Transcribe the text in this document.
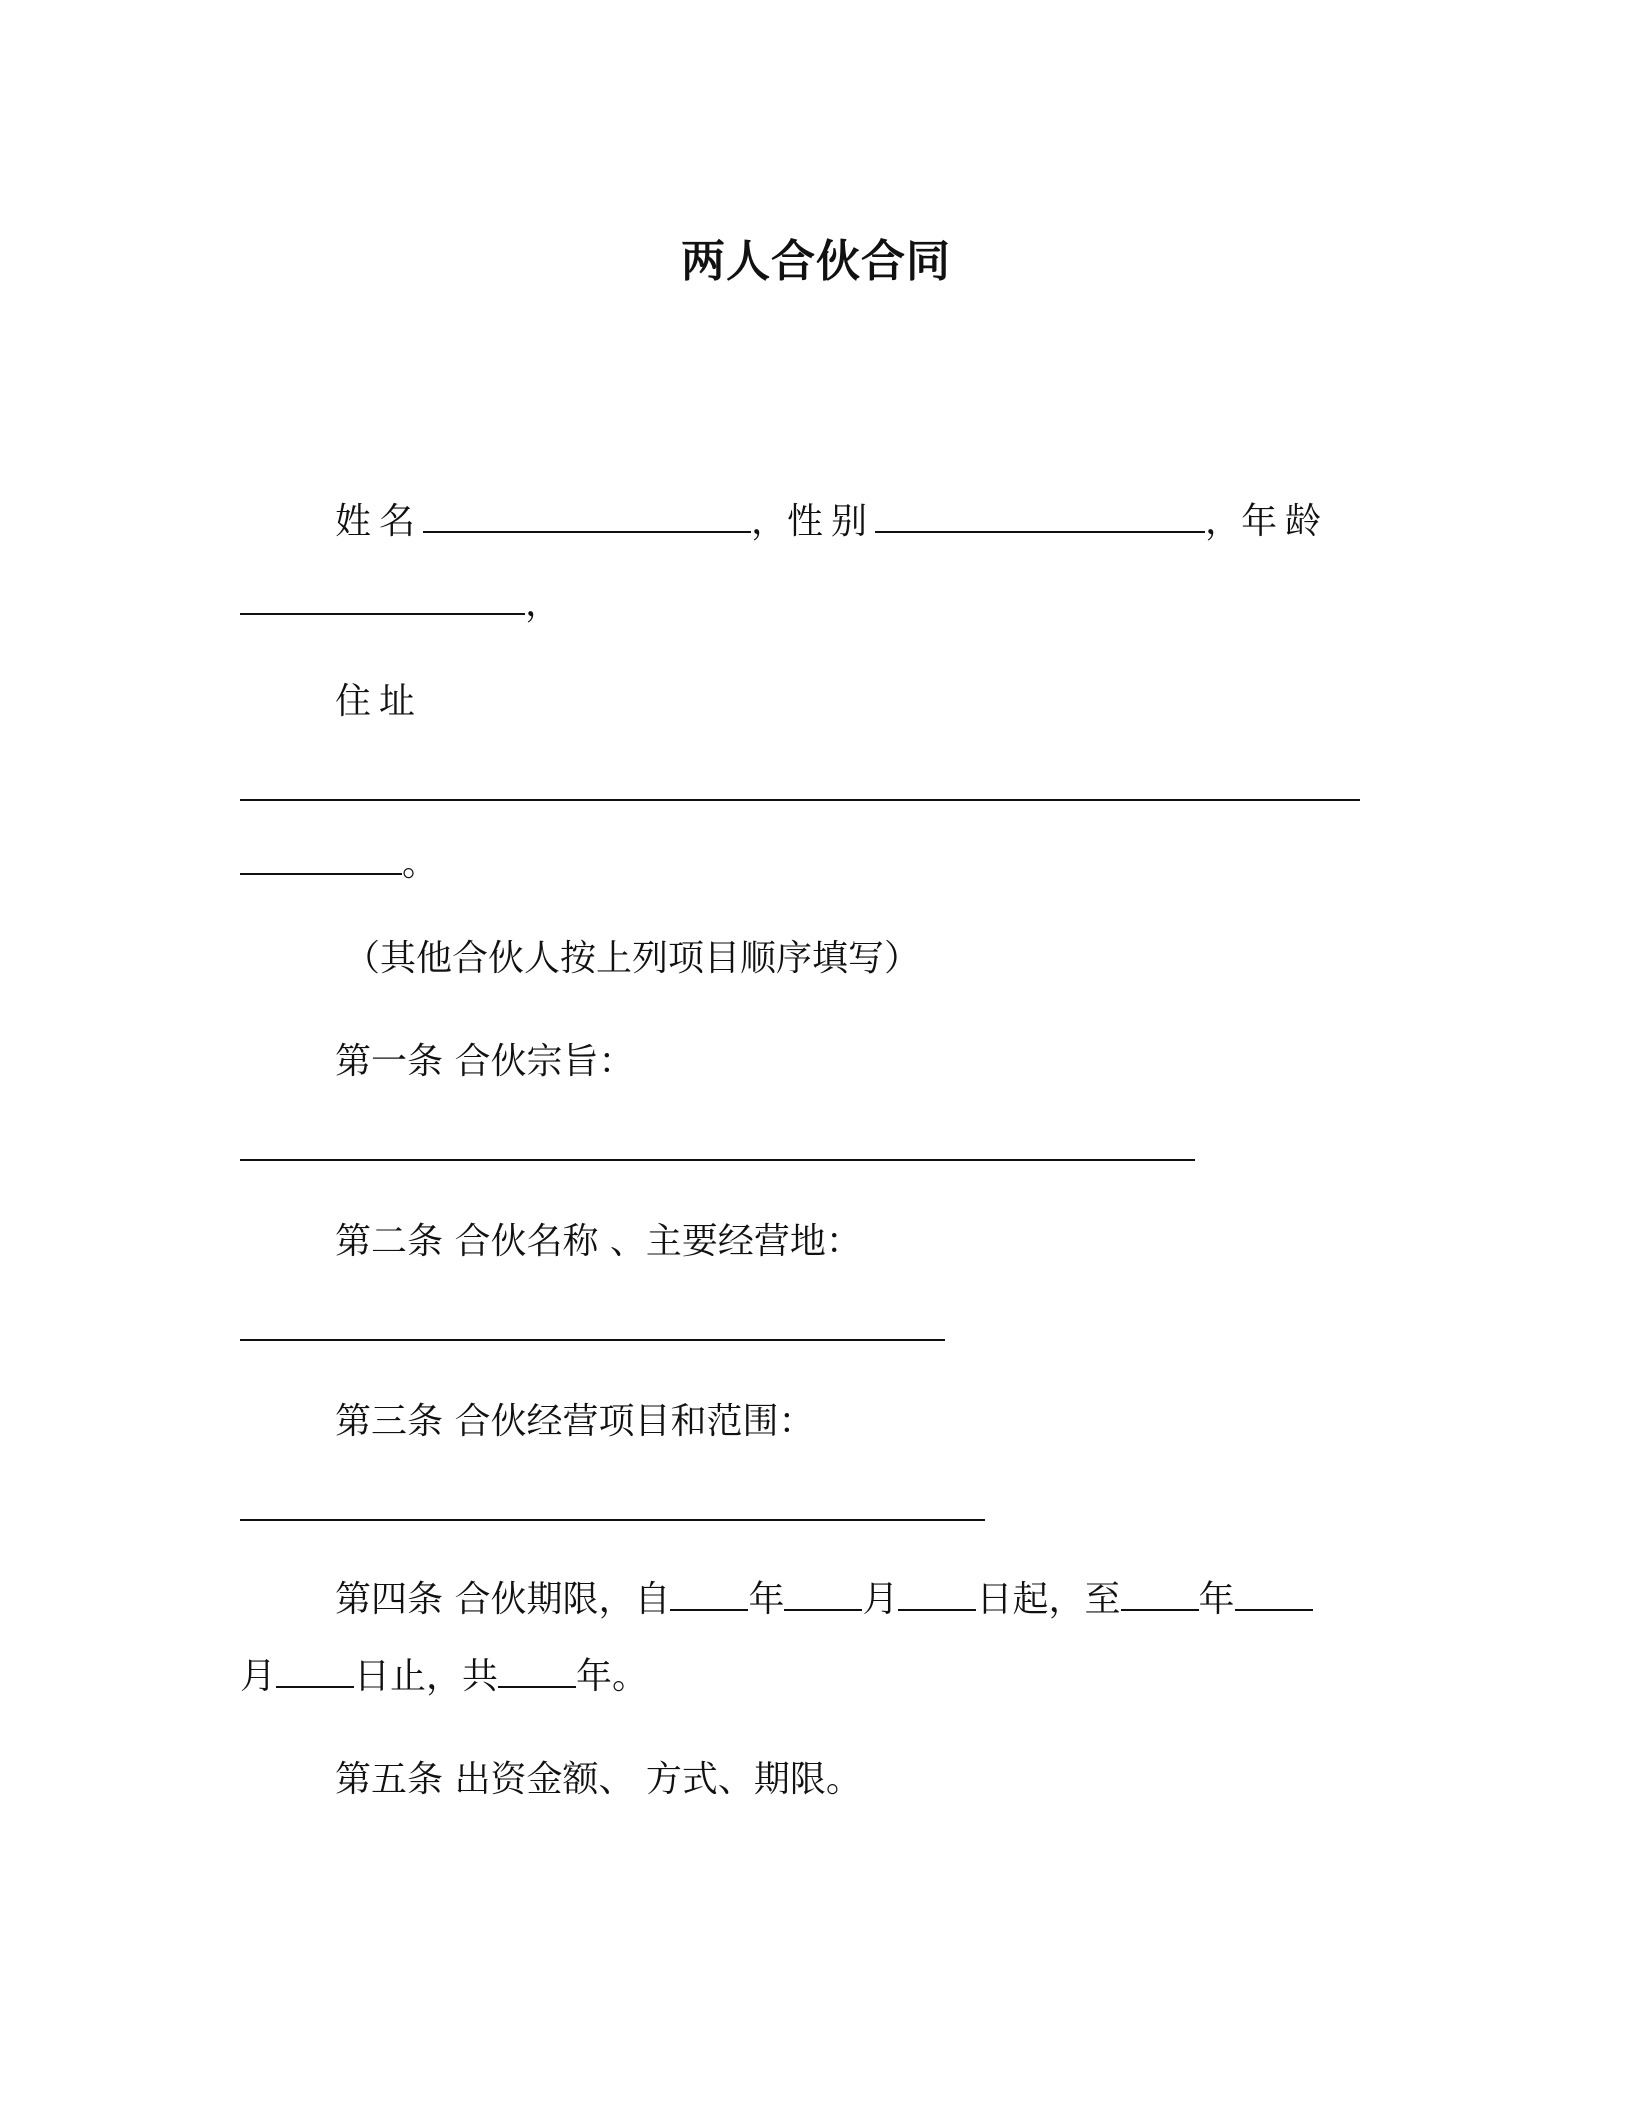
两人合伙合同
姓名	，性别	，年龄
，
住址
。
（其他合伙人按上列项目顺序填写）
第一条 合伙宗旨：
第二条 合伙名称 、主要经营地：
第三条 合伙经营项目和范围：
第四条 合伙期限，自 年 月 日起，至 年
月 日止，共 年。
第五条 出资金额、 方式、期限。
